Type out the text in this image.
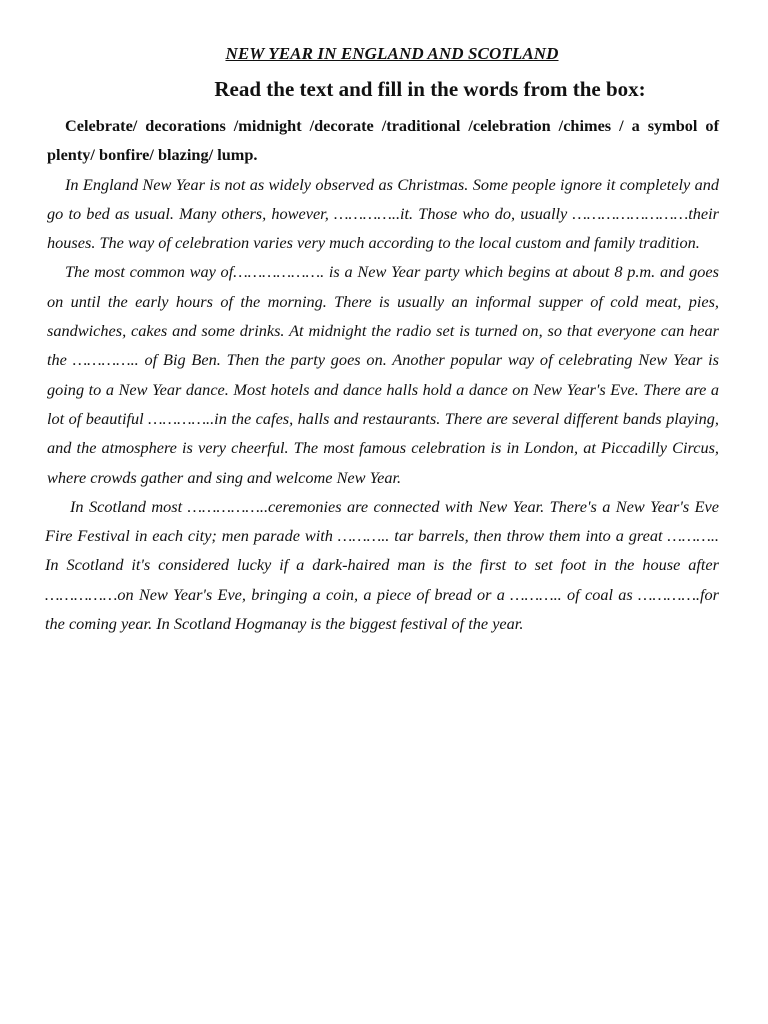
NEW YEAR IN ENGLAND AND SCOTLAND
Read the text and fill in the words from the box:

Celebrate/ decorations /midnight /decorate /traditional /celebration /chimes / a symbol of plenty/ bonfire/ blazing/ lump.

In England New Year is not as widely observed as Christmas. Some people ignore it completely and go to bed as usual. Many others, however, …………..it. Those who do, usually ……………………their houses. The way of celebration varies very much according to the local custom and family tradition.

The most common way of………………. is a New Year party which begins at about 8 p.m. and goes on until the early hours of the morning. There is usually an informal supper of cold meat, pies, sandwiches, cakes and some drinks. At midnight the radio set is turned on, so that everyone can hear the ………….. of Big Ben. Then the party goes on. Another popular way of celebrating New Year is going to a New Year dance. Most hotels and dance halls hold a dance on New Year's Eve. There are a lot of beautiful …………..in the cafes, halls and restaurants. There are several different bands playing, and the atmosphere is very cheerful. The most famous celebration is in London, at Piccadilly Circus, where crowds gather and sing and welcome New Year.

In Scotland most ……………..ceremonies are connected with New Year. There's a New Year's Eve Fire Festival in each city; men parade with ……….. tar barrels, then throw them into a great ……….. In Scotland it's considered lucky if a dark-haired man is the first to set foot in the house after ……………on New Year's Eve, bringing a coin, a piece of bread or a ……….. of coal as ………….for the coming year. In Scotland Hogmanay is the biggest festival of the year.
